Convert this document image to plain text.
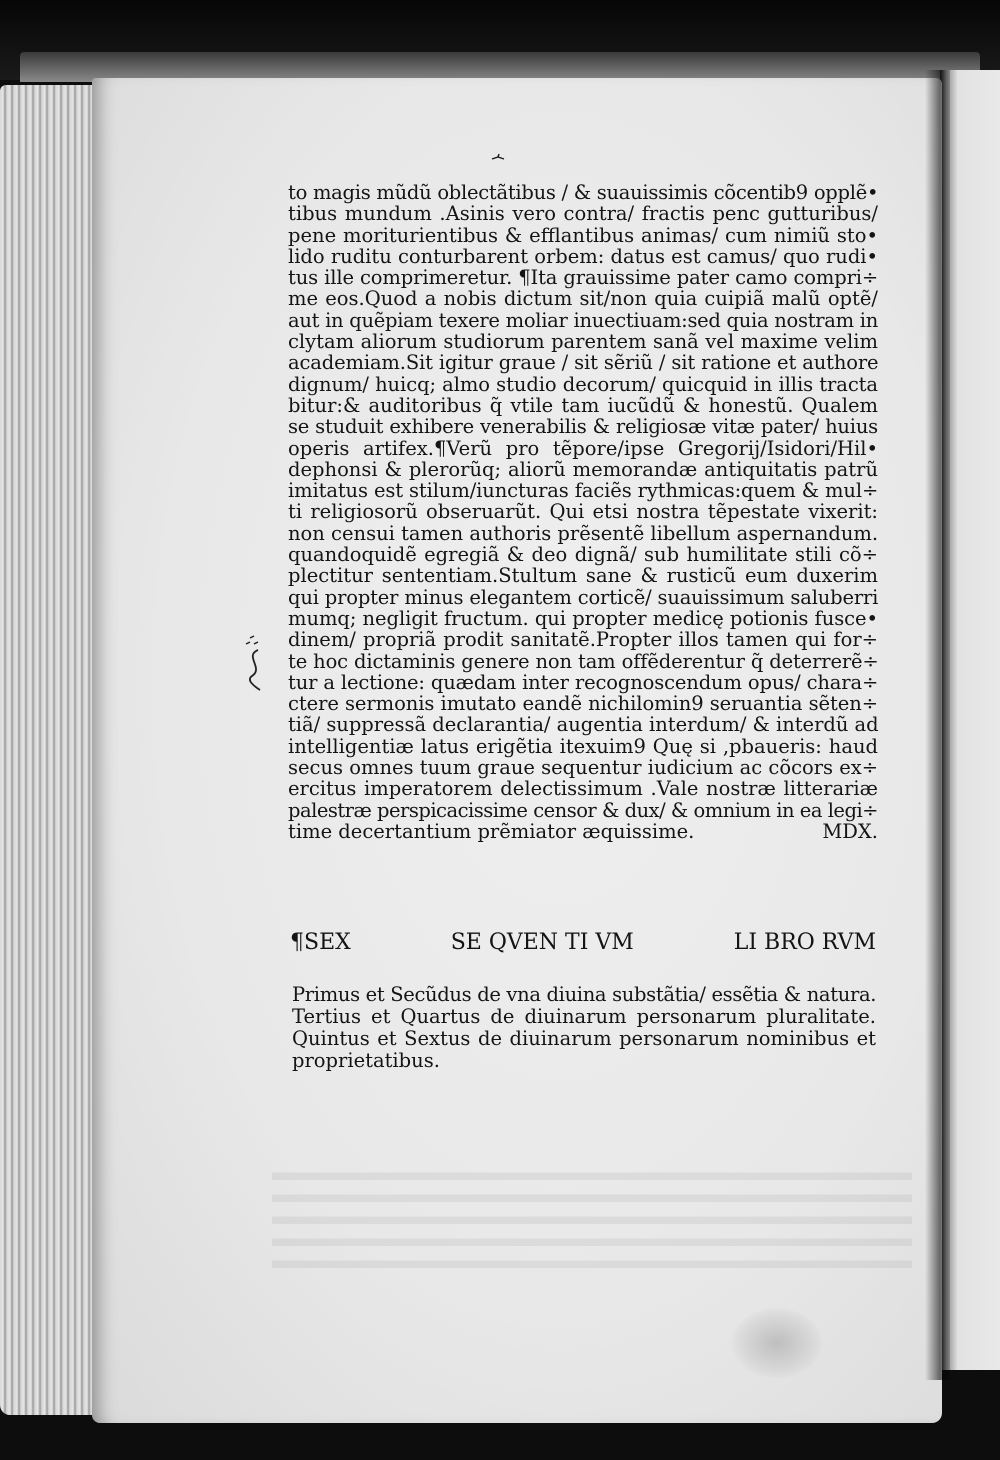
to magis mũdũ oblectãtibus / & suauissimis cõcentib9 opplẽ•
tibus mundum .Asinis vero contra/ fractis penc gutturibus/
pene moriturientibus & efflantibus animas/ cum nimiũ sto•
lido ruditu conturbarent orbem: datus est camus/ quo rudi•
tus ille comprimeretur. ¶Ita grauissime pater camo compri÷
me eos.Quod a nobis dictum sit/non quia cuipiã malũ optẽ/
aut in quẽpiam texere moliar inuectiuam:sed quia nostram in
clytam aliorum studiorum parentem sanã vel maxime velim
academiam.Sit igitur graue / sit sẽriũ / sit ratione et authore
dignum/ huicq; almo studio decorum/ quicquid in illis tracta
bitur:& auditoribus q̃ vtile tam iucũdũ & honestũ. Qualem
se studuit exhibere venerabilis & religiosæ vitæ pater/ huius
operis artifex.¶Verũ pro tẽpore/ipse Gregorij/Isidori/Hil•
dephonsi & plerorũq; aliorũ memorandæ antiquitatis patrũ
imitatus est stilum/iuncturas faciẽs rythmicas:quem & mul÷
ti religiosorũ obseruarũt. Qui etsi nostra tẽpestate vixerit:
non censui tamen authoris prẽsentẽ libellum aspernandum.
quandoquidẽ egregiã & deo dignã/ sub humilitate stili cõ÷
plectitur sententiam.Stultum sane & rusticũ eum duxerim
qui propter minus elegantem corticẽ/ suauissimum saluberri
mumq; negligit fructum. qui propter medicę potionis fusce•
dinem/ propriã prodit sanitatẽ.Propter illos tamen qui for÷
te hoc dictaminis genere non tam offẽderentur q̃ deterrerẽ÷
tur a lectione: quædam inter recognoscendum opus/ chara÷
ctere sermonis imutato eandẽ nichilomin9 seruantia sẽten÷
tiã/ suppressã declarantia/ augentia interdum/ & interdũ ad
intelligentiæ latus erigẽtia itexuim9 Quę si ,pbaueris: haud
secus omnes tuum graue sequentur iudicium ac cõcors ex÷
ercitus imperatorem delectissimum .Vale nostræ litterariæ
palestræ perspicacissime censor & dux/ & omnium in ea legi÷
time decertantium prẽmiator æquissime.	MDX.
¶SEX	SE QVEN TI VM	LI BRO RVM
Primus et Secũdus de vna diuina substãtia/ essẽtia & natura.
Tertius et Quartus de diuinarum personarum pluralitate.
Quintus et Sextus de diuinarum personarum nominibus et
proprietatibus.
